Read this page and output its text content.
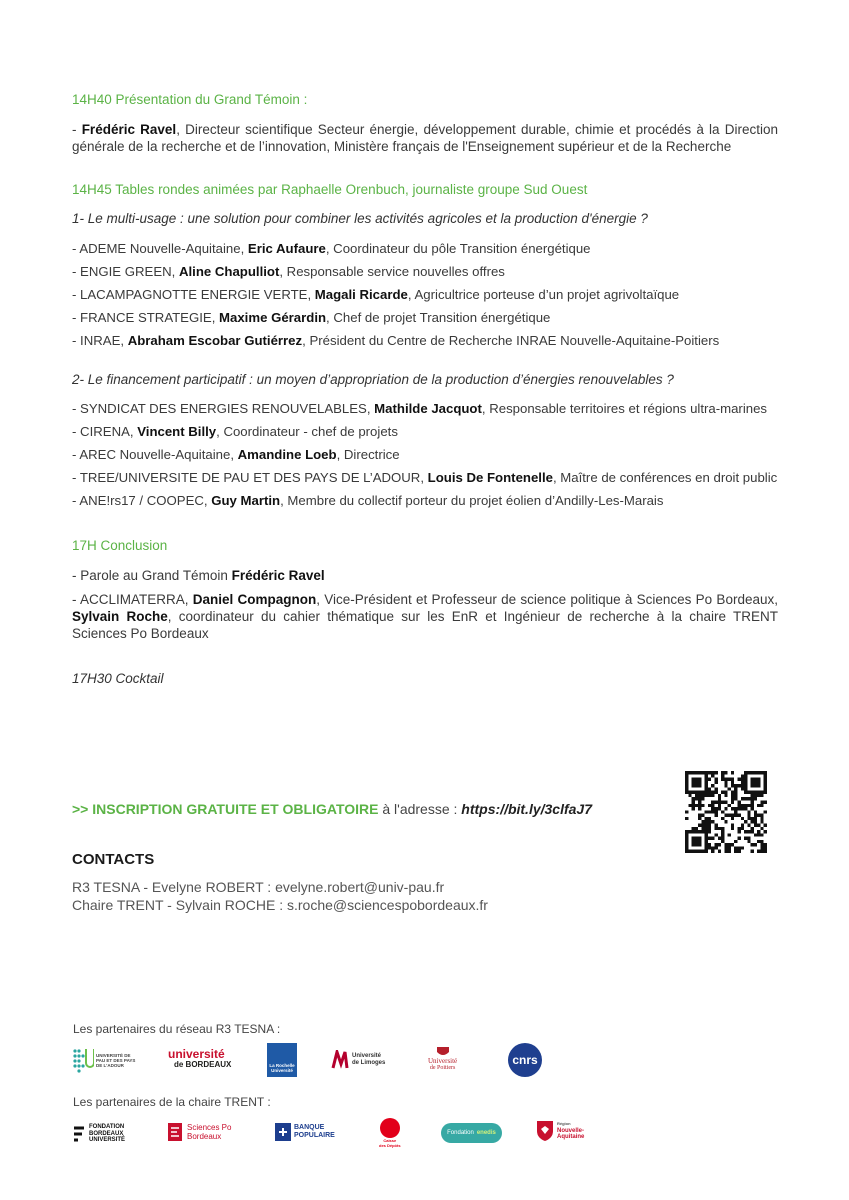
14H40 Présentation du Grand Témoin :
- Frédéric Ravel, Directeur scientifique Secteur énergie, développement durable, chimie et procédés à la Direction générale de la recherche et de l’innovation, Ministère français de l'Enseignement supérieur et de la Recherche
14H45 Tables rondes animées par Raphaelle Orenbuch, journaliste groupe Sud Ouest
1- Le multi-usage : une solution pour combiner les activités agricoles et la production d'énergie ?
- ADEME Nouvelle-Aquitaine, Eric Aufaure, Coordinateur du pôle Transition énergétique
- ENGIE GREEN, Aline Chapulliot, Responsable service nouvelles offres
- LACAMPAGNOTTE ENERGIE VERTE, Magali Ricarde, Agricultrice porteuse d’un projet agrivoltaïque
- FRANCE STRATEGIE, Maxime Gérardin, Chef de projet Transition énergétique
- INRAE, Abraham Escobar Gutiérrez, Président du Centre de Recherche INRAE Nouvelle-Aquitaine-Poitiers
2- Le financement participatif : un moyen d’appropriation de la production d’énergies renouvelables ?
- SYNDICAT DES ENERGIES RENOUVELABLES, Mathilde Jacquot, Responsable territoires et régions ultra-marines
- CIRENA, Vincent Billy, Coordinateur - chef de projets
- AREC Nouvelle-Aquitaine, Amandine Loeb, Directrice
- TREE/UNIVERSITE DE PAU ET DES PAYS DE L’ADOUR, Louis De Fontenelle, Maître de conférences en droit public
- ANE!rs17 / COOPEC, Guy Martin, Membre du collectif porteur du projet éolien d’Andilly-Les-Marais
17H Conclusion
- Parole au Grand Témoin Frédéric Ravel
- ACCLIMATERRA, Daniel Compagnon, Vice-Président et Professeur de science politique à Sciences Po Bordeaux, Sylvain Roche, coordinateur du cahier thématique sur les EnR et Ingénieur de recherche à la chaire TRENT Sciences Po Bordeaux
17H30 Cocktail
>> INSCRIPTION GRATUITE ET OBLIGATOIRE à l'adresse : https://bit.ly/3clfaJ7
CONTACTS
R3 TESNA - Evelyne ROBERT : evelyne.robert@univ-pau.fr
Chaire TRENT - Sylvain ROCHE : s.roche@sciencespobordeaux.fr
Les partenaires du réseau R3 TESNA :
UNIVERSITÉ DE PAU ET DES PAYS DE L'ADOUR
université
de BORDEAUX	La Rochelle
Université
Université
de Limoges	Université
de Poitiers
cnrs
Les partenaires de la chaire TRENT :
FONDATION
BORDEAUX
UNIVERSITÉ
Sciences Po
Bordeaux
BANQUE
POPULAIRE
Caisse
des Dépôts
Fondation enedis
Région
Nouvelle-
Aquitaine
